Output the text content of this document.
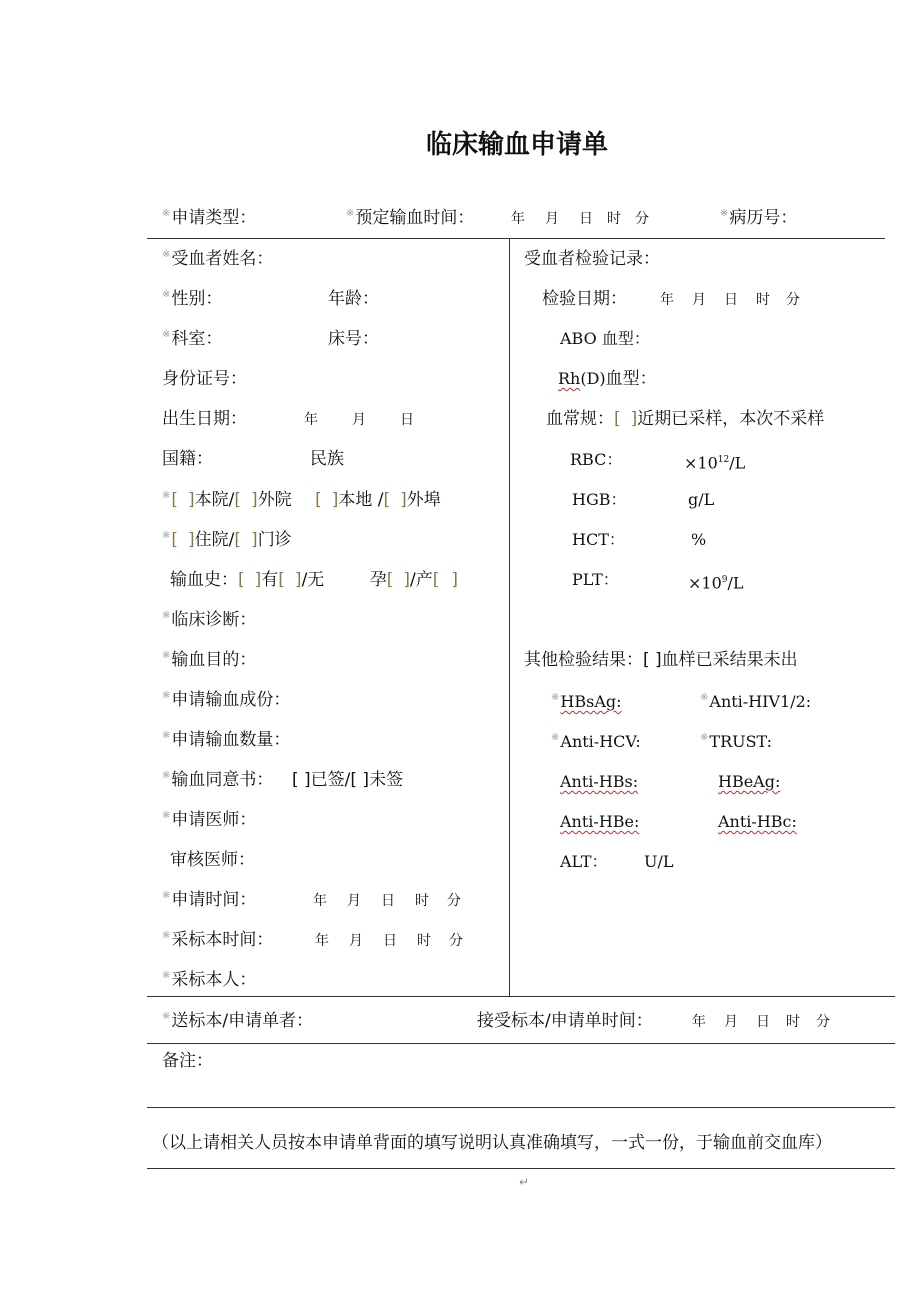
临床输血申请单
※申请类型：	※预定输血时间：	年 月 日 时 分	※病历号：
※受血者姓名：
※性别：	年龄：
※科室：	床号：
身份证号：
出生日期：	年 月 日
国籍：	民族
※[ ]本院/[ ]外院 [ ]本地 /[ ]外埠
※[ ]住院/[ ]门诊
输血史：[ ]有[ ]/无	孕[ ]/产[ ]
※临床诊断：
※输血目的：
※申请输血成份：
※申请输血数量：
※输血同意书： [ ]已签/[ ]未签
※申请医师：
审核医师：
※申请时间：	年 月 日 时 分
※采标本时间：	年 月 日 时 分
※采标本人：
受血者检验记录：
检验日期： 年 月 日 时 分
ABO 血型：
Rh(D)血型：
血常规：[ ]近期已采样，本次不采样
RBC：	$\times 10^{12}/L$
HGB：	g/L
HCT：	%
PLT：	$\times 10^9/L$
其他检验结果：[ ]血样已采结果未出
※HBsAg:	※Anti-HIV1/2:
※Anti-HCV:	※TRUST:
Anti-HBs:	HBeAg:
Anti-HBe:	Anti-HBc:
ALT： U/L
※送标本/申请单者：	接受标本/申请单时间：	年 月 日 时 分
备注：
（以上请相关人员按本申请单背面的填写说明认真准确填写，一式一份，于输血前交血库）
↵
